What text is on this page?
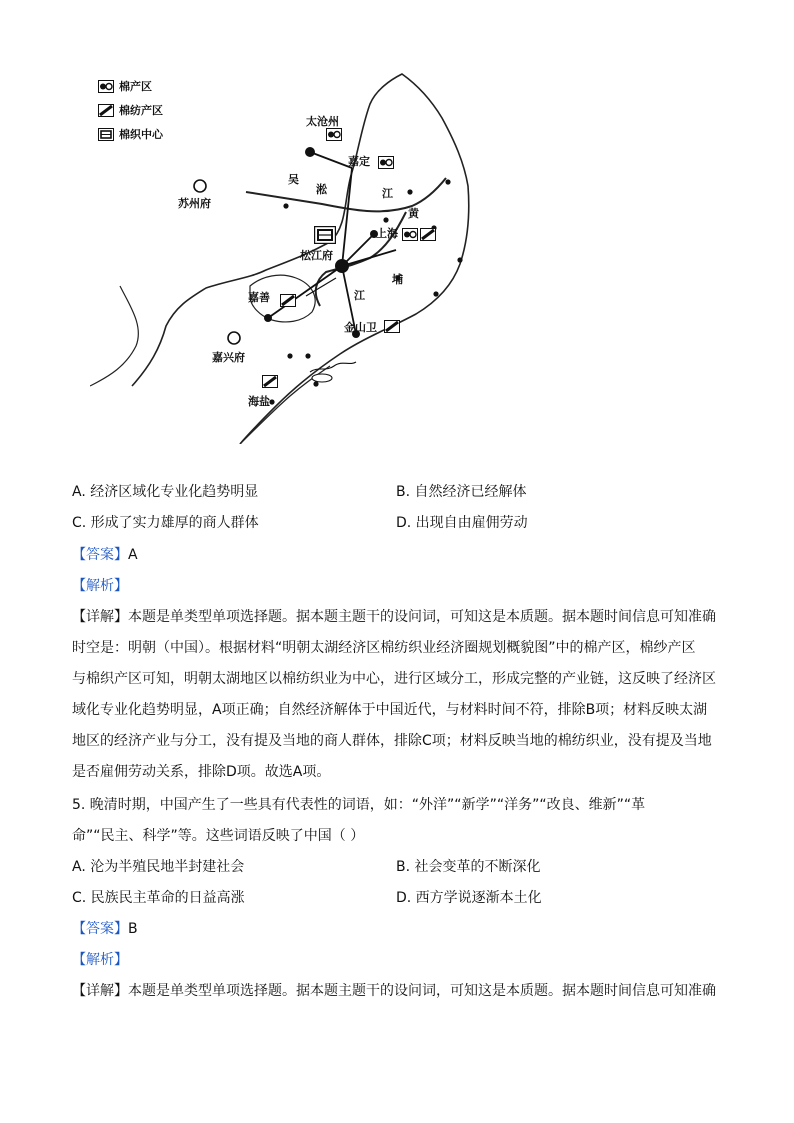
棉产区
棉纺产区
棉织中心
太沧州
嘉定
苏州府
上海
松江府
嘉善
金山卫
嘉兴府
海盐
吴
淞	江
黄
埔
江
A. 经济区域化专业化趋势明显	B. 自然经济已经解体
C. 形成了实力雄厚的商人群体	D. 出现自由雇佣劳动
【答案】A
【解析】
【详解】本题是单类型单项选择题。据本题主题干的设问词，可知这是本质题。据本题时间信息可知准确
时空是：明朝（中国）。根据材料“明朝太湖经济区棉纺织业经济圈规划概貌图”中的棉产区，棉纱产区
与棉织产区可知，明朝太湖地区以棉纺织业为中心，进行区域分工，形成完整的产业链，这反映了经济区
域化专业化趋势明显，A项正确；自然经济解体于中国近代，与材料时间不符，排除B项；材料反映太湖
地区的经济产业与分工，没有提及当地的商人群体，排除C项；材料反映当地的棉纺织业，没有提及当地
是否雇佣劳动关系，排除D项。故选A项。
5. 晚清时期，中国产生了一些具有代表性的词语，如：“外洋”“新学”“洋务”“改良、维新”“革
命”“民主、科学”等。这些词语反映了中国（ ）
A. 沦为半殖民地半封建社会	B. 社会变革的不断深化
C. 民族民主革命的日益高涨	D. 西方学说逐渐本土化
【答案】B
【解析】
【详解】本题是单类型单项选择题。据本题主题干的设问词，可知这是本质题。据本题时间信息可知准确
